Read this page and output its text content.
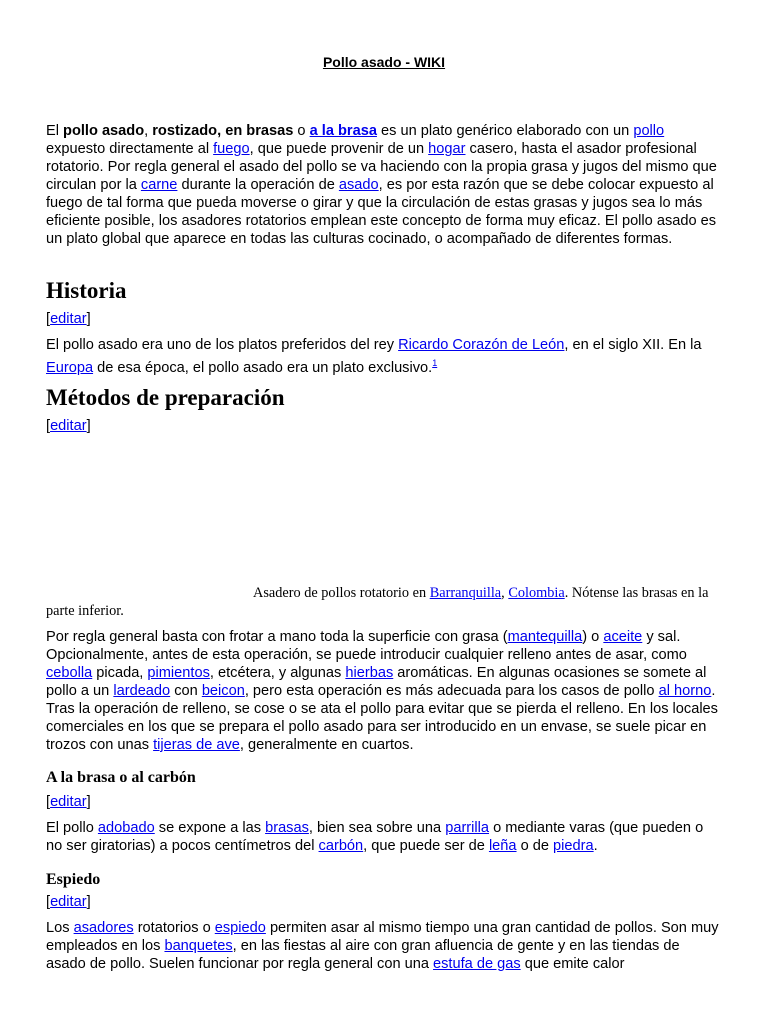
Pollo asado - WIKI

El pollo asado, rostizado, en brasas o a la brasa es un plato genérico elaborado con un pollo expuesto directamente al fuego, que puede provenir de un hogar casero, hasta el asador profesional rotatorio. Por regla general el asado del pollo se va haciendo con la propia grasa y jugos del mismo que circulan por la carne durante la operación de asado, es por esta razón que se debe colocar expuesto al fuego de tal forma que pueda moverse o girar y que la circulación de estas grasas y jugos sea lo más eficiente posible, los asadores rotatorios emplean este concepto de forma muy eficaz. El pollo asado es un plato global que aparece en todas las culturas cocinado, o acompañado de diferentes formas.

Historia
[editar]

El pollo asado era uno de los platos preferidos del rey Ricardo Corazón de León, en el siglo XII. En la Europa de esa época, el pollo asado era un plato exclusivo.$^1$

Métodos de preparación
[editar]
Asadero de pollos rotatorio en Barranquilla, Colombia. Nótense las brasas en la parte inferior.

Por regla general basta con frotar a mano toda la superficie con grasa (mantequilla) o aceite y sal. Opcionalmente, antes de esta operación, se puede introducir cualquier relleno antes de asar, como cebolla picada, pimientos, etcétera, y algunas hierbas aromáticas. En algunas ocasiones se somete al pollo a un lardeado con beicon, pero esta operación es más adecuada para los casos de pollo al horno. Tras la operación de relleno, se cose o se ata el pollo para evitar que se pierda el relleno. En los locales comerciales en los que se prepara el pollo asado para ser introducido en un envase, se suele picar en trozos con unas tijeras de ave, generalmente en cuartos.

A la brasa o al carbón
[editar]

El pollo adobado se expone a las brasas, bien sea sobre una parrilla o mediante varas (que pueden o no ser giratorias) a pocos centímetros del carbón, que puede ser de leña o de piedra.

Espiedo
[editar]

Los asadores rotatorios o espiedo permiten asar al mismo tiempo una gran cantidad de pollos. Son muy empleados en los banquetes, en las fiestas al aire con gran afluencia de gente y en las tiendas de asado de pollo. Suelen funcionar por regla general con una estufa de gas que emite calor
